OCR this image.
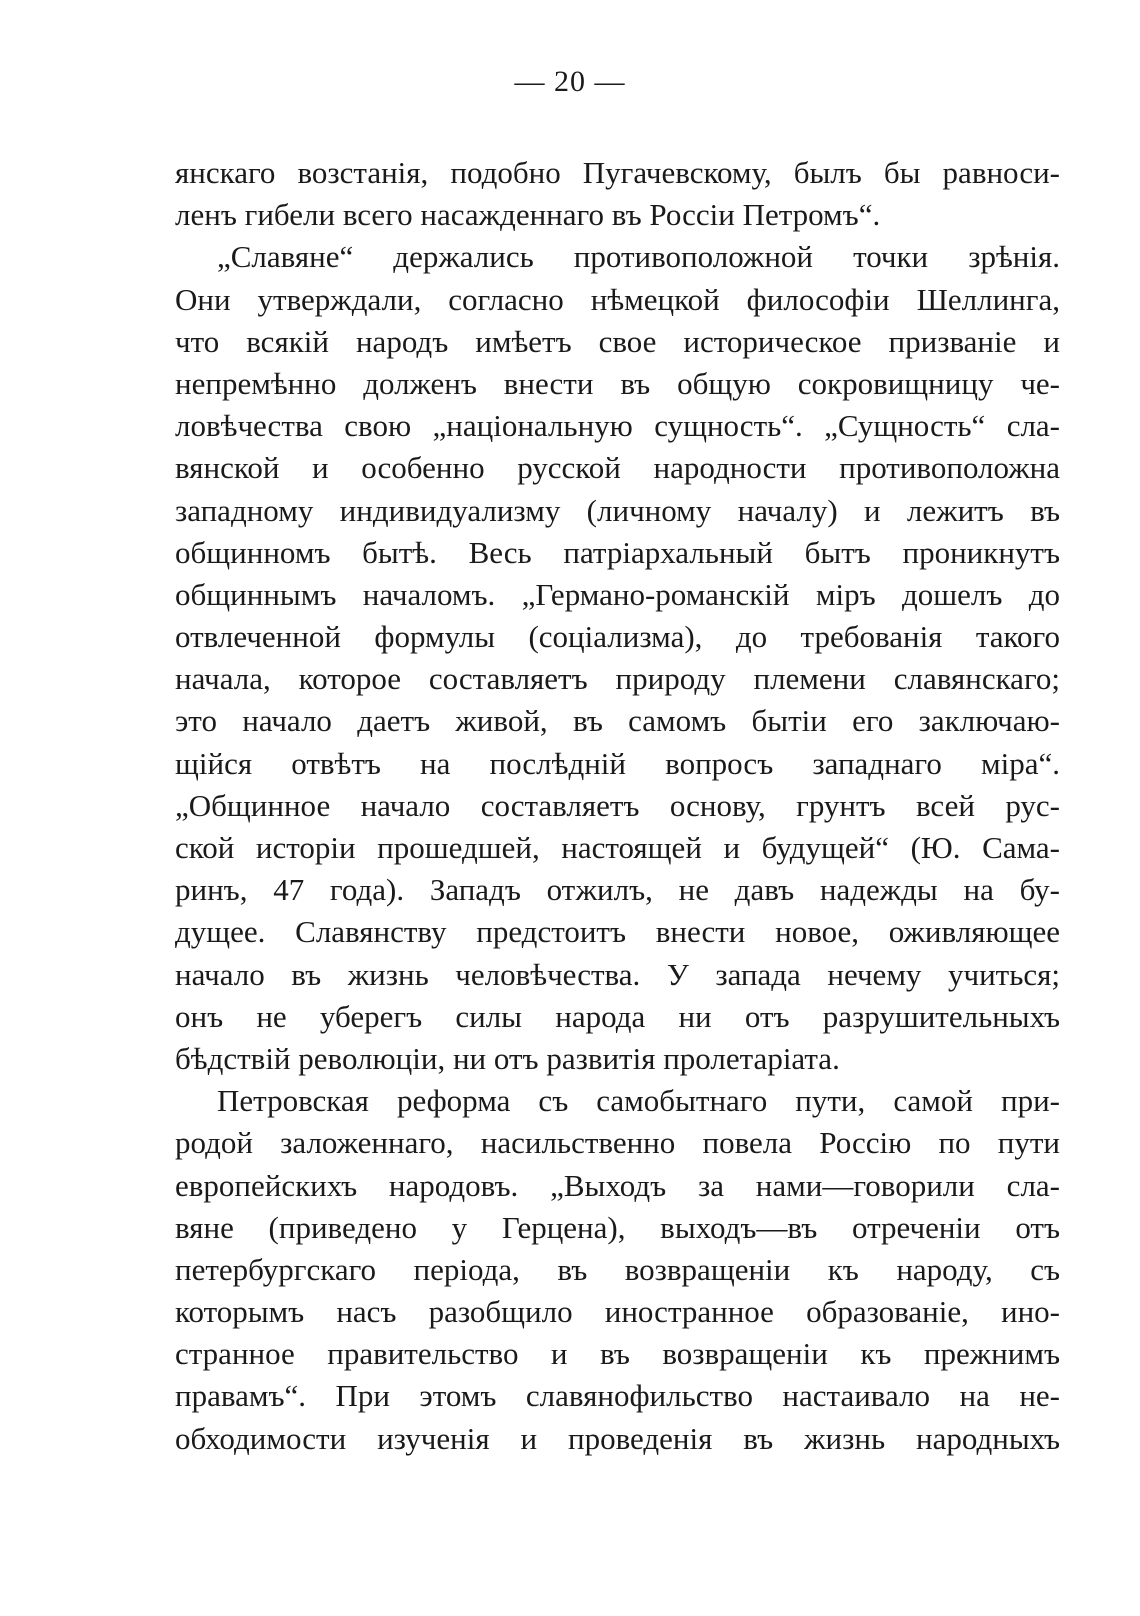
— 20 —
янскаго возстанія, подобно Пугачевскому, былъ бы равноси-
ленъ гибели всего насажденнаго въ Россіи Петромъ“.
„Славяне“ держались противоположной точки зрѣнія.
Они утверждали, согласно нѣмецкой философіи Шеллинга,
что всякій народъ имѣетъ свое историческое призваніе и
непремѣнно долженъ внести въ общую сокровищницу че-
ловѣчества свою „національную сущность“. „Сущность“ сла-
вянской и особенно русской народности противоположна
западному индивидуализму (личному началу) и лежитъ въ
общинномъ бытѣ. Весь патріархальный бытъ проникнутъ
общиннымъ началомъ. „Германо-романскій міръ дошелъ до
отвлеченной формулы (соціализма), до требованія такого
начала, которое составляетъ природу племени славянскаго;
это начало даетъ живой, въ самомъ бытіи его заключаю-
щійся отвѣтъ на послѣдній вопросъ западнаго міра“.
„Общинное начало составляетъ основу, грунтъ всей рус-
ской исторіи прошедшей, настоящей и будущей“ (Ю. Сама-
ринъ, 47 года). Западъ отжилъ, не давъ надежды на бу-
дущее. Славянству предстоитъ внести новое, оживляющее
начало въ жизнь человѣчества. У запада нечему учиться;
онъ не уберегъ силы народа ни отъ разрушительныхъ
бѣдствій революціи, ни отъ развитія пролетаріата.
Петровская реформа съ самобытнаго пути, самой при-
родой заложеннаго, насильственно повела Россію по пути
европейскихъ народовъ. „Выходъ за нами—говорили сла-
вяне (приведено у Герцена), выходъ—въ отреченіи отъ
петербургскаго періода, въ возвращеніи къ народу, съ
которымъ насъ разобщило иностранное образованіе, ино-
странное правительство и въ возвращеніи къ прежнимъ
правамъ“. При этомъ славянофильство настаивало на не-
обходимости изученія и проведенія въ жизнь народныхъ
